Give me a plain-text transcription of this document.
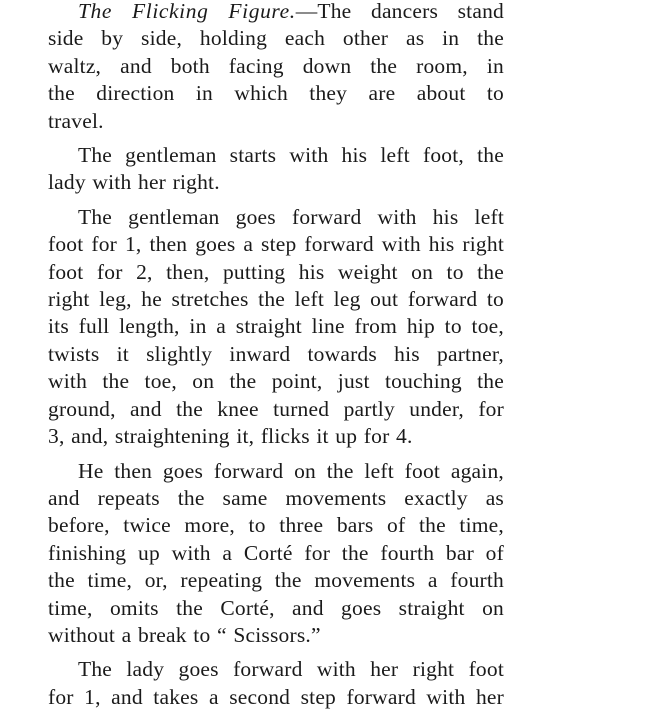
The Flicking Figure.—The dancers stand
side by side, holding each other as in the
waltz, and both facing down the room, in
the direction in which they are about to
travel.

The gentleman starts with his left foot, the
lady with her right.

The gentleman goes forward with his left
foot for 1, then goes a step forward with his right
foot for 2, then, putting his weight on to the
right leg, he stretches the left leg out forward to
its full length, in a straight line from hip to toe,
twists it slightly inward towards his partner,
with the toe, on the point, just touching the
ground, and the knee turned partly under, for
3, and, straightening it, flicks it up for 4.

He then goes forward on the left foot again,
and repeats the same movements exactly as
before, twice more, to three bars of the time,
finishing up with a Corté for the fourth bar of
the time, or, repeating the movements a fourth
time, omits the Corté, and goes straight on
without a break to “ Scissors.”

The lady goes forward with her right foot
for 1, and takes a second step forward with her
